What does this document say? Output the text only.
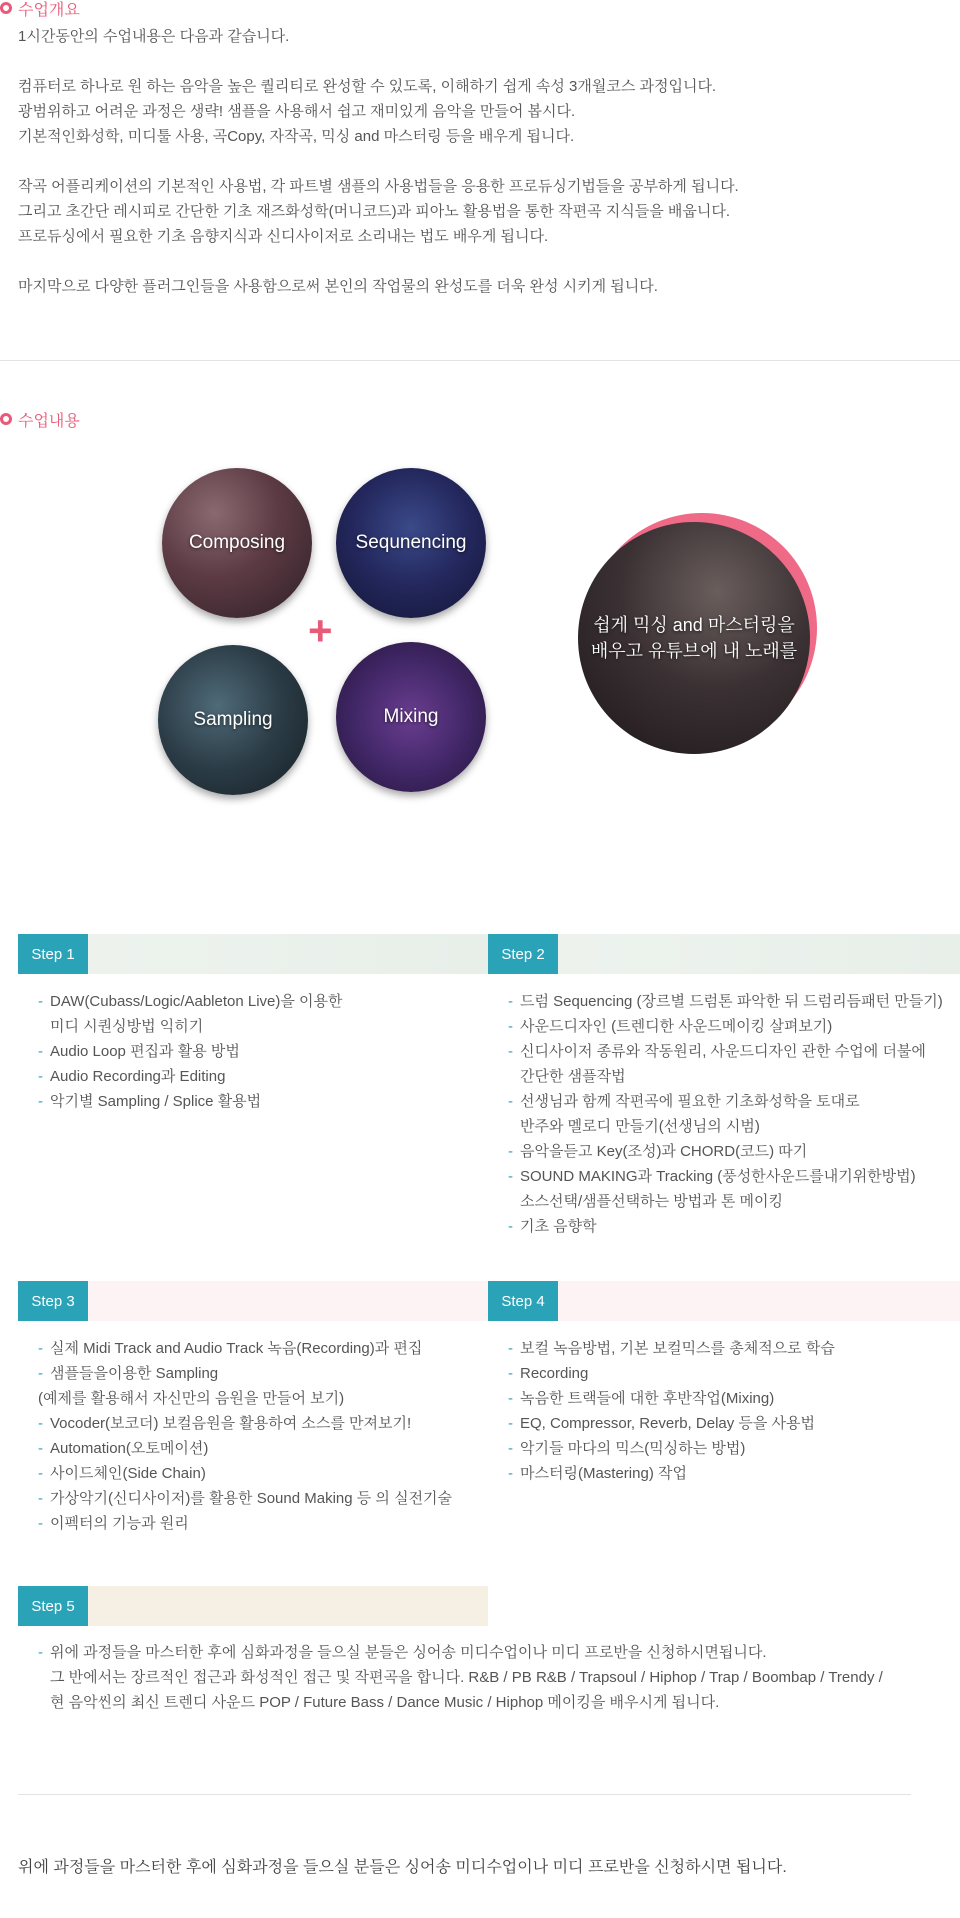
수업개요

1시간동안의 수업내용은 다음과 같습니다.

컴퓨터로 하나로 원 하는 음악을 높은 퀄리티로 완성할 수 있도록, 이해하기 쉽게 속성 3개월코스 과정입니다.

광범위하고 어려운 과정은 생략! 샘플을 사용해서 쉽고 재미있게 음악을 만들어 봅시다.

기본적인화성학, 미디툴 사용, 곡Copy, 자작곡, 믹싱 and 마스터링 등을 배우게 됩니다.

작곡 어플리케이션의 기본적인 사용법, 각 파트별 샘플의 사용법들을 응용한 프로듀싱기법들을 공부하게 됩니다.

그리고 초간단 레시피로 간단한 기초 재즈화성학(머니코드)과 피아노 활용법을 통한 작편곡 지식들을 배웁니다.

프로듀싱에서 필요한 기초 음향지식과 신디사이저로 소리내는 법도 배우게 됩니다.

마지막으로 다양한 플러그인들을 사용함으로써 본인의 작업물의 완성도를 더욱 완성 시키게 됩니다.

수업내용
Composing	Sequnencing
Sampling	Mixing
+	쉽게 믹싱 and 마스터링을
배우고 유튜브에 내 노래를
Step 1
- DAW(Cubass/Logic/Aableton Live)을 이용한
미디 시퀀싱방법 익히기
- Audio Loop 편집과 활용 방법
- Audio Recording과 Editing
- 악기별 Sampling / Splice 활용법
Step 2
- 드럼 Sequencing (장르별 드럼톤 파악한 뒤 드럼리듬패턴 만들기)
- 사운드디자인 (트렌디한 사운드메이킹 살펴보기)
- 신디사이저 종류와 작동원리, 사운드디자인 관한 수업에 더불에
간단한 샘플작법
- 선생님과 함께 작편곡에 필요한 기초화성학을 토대로
반주와 멜로디 만들기(선생님의 시범)
- 음악을듣고 Key(조성)과 CHORD(코드) 따기
- SOUND MAKING과 Tracking (풍성한사운드를내기위한방법)
소스선택/샘플선택하는 방법과 톤 메이킹
- 기초 음향학
Step 3
- 실제 Midi Track and Audio Track 녹음(Recording)과 편집
- 샘플들을이용한 Sampling
(예제를 활용해서 자신만의 음원을 만들어 보기)
- Vocoder(보코더) 보컬음원을 활용하여 소스를 만져보기!
- Automation(오토메이션)
- 사이드체인(Side Chain)
- 가상악기(신디사이저)를 활용한 Sound Making 등 의 실전기술
- 이펙터의 기능과 원리
Step 4
- 보컬 녹음방법, 기본 보컬믹스를 총체적으로 학습
- Recording
- 녹음한 트랙들에 대한 후반작업(Mixing)
- EQ, Compressor, Reverb, Delay 등을 사용법
- 악기들 마다의 믹스(믹싱하는 방법)
- 마스터링(Mastering) 작업
Step 5
- 위에 과정들을 마스터한 후에 심화과정을 들으실 분들은 싱어송 미디수업이나 미디 프로반을 신청하시면됩니다.
그 반에서는 장르적인 접근과 화성적인 접근 및 작편곡을 합니다. R&B / PB R&B / Trapsoul / Hiphop / Trap / Boombap / Trendy /
현 음악씬의 최신 트렌디 사운드 POP / Future Bass / Dance Music / Hiphop 메이킹을 배우시게 됩니다.
위에 과정들을 마스터한 후에 심화과정을 들으실 분들은 싱어송 미디수업이나 미디 프로반을 신청하시면 됩니다.
